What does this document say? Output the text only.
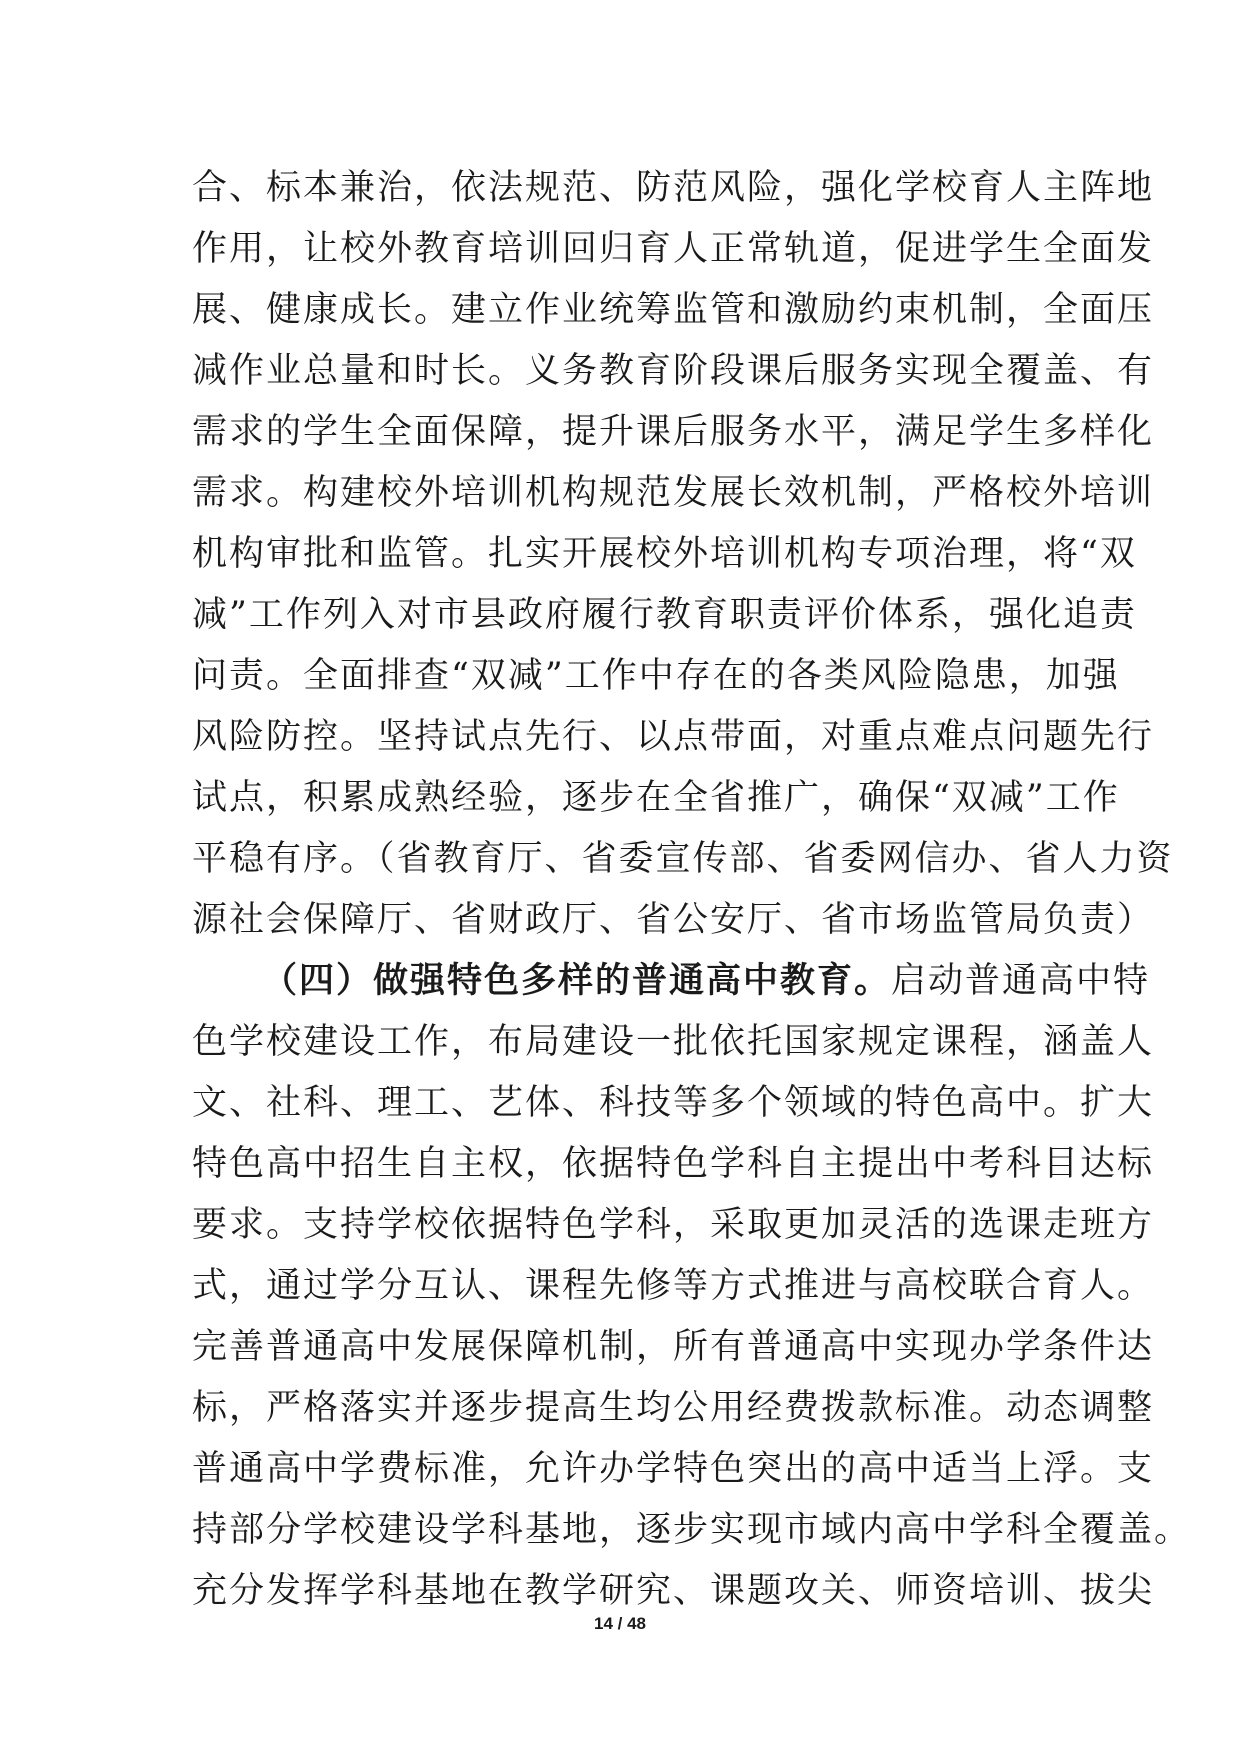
合、标本兼治，依法规范、防范风险，强化学校育人主阵地
作用，让校外教育培训回归育人正常轨道，促进学生全面发
展、健康成长。建立作业统筹监管和激励约束机制，全面压
减作业总量和时长。义务教育阶段课后服务实现全覆盖、有
需求的学生全面保障，提升课后服务水平，满足学生多样化
需求。构建校外培训机构规范发展长效机制，严格校外培训
机构审批和监管。扎实开展校外培训机构专项治理，将“双
减”工作列入对市县政府履行教育职责评价体系，强化追责
问责。全面排查“双减”工作中存在的各类风险隐患，加强
风险防控。坚持试点先行、以点带面，对重点难点问题先行
试点，积累成熟经验，逐步在全省推广，确保“双减”工作
平稳有序。（省教育厅、省委宣传部、省委网信办、省人力资
源社会保障厅、省财政厅、省公安厅、省市场监管局负责）
（四）做强特色多样的普通高中教育。启动普通高中特
色学校建设工作，布局建设一批依托国家规定课程，涵盖人
文、社科、理工、艺体、科技等多个领域的特色高中。扩大
特色高中招生自主权，依据特色学科自主提出中考科目达标
要求。支持学校依据特色学科，采取更加灵活的选课走班方
式，通过学分互认、课程先修等方式推进与高校联合育人。
完善普通高中发展保障机制，所有普通高中实现办学条件达
标，严格落实并逐步提高生均公用经费拨款标准。动态调整
普通高中学费标准，允许办学特色突出的高中适当上浮。支
持部分学校建设学科基地，逐步实现市域内高中学科全覆盖。
充分发挥学科基地在教学研究、课题攻关、师资培训、拔尖
14 / 48
